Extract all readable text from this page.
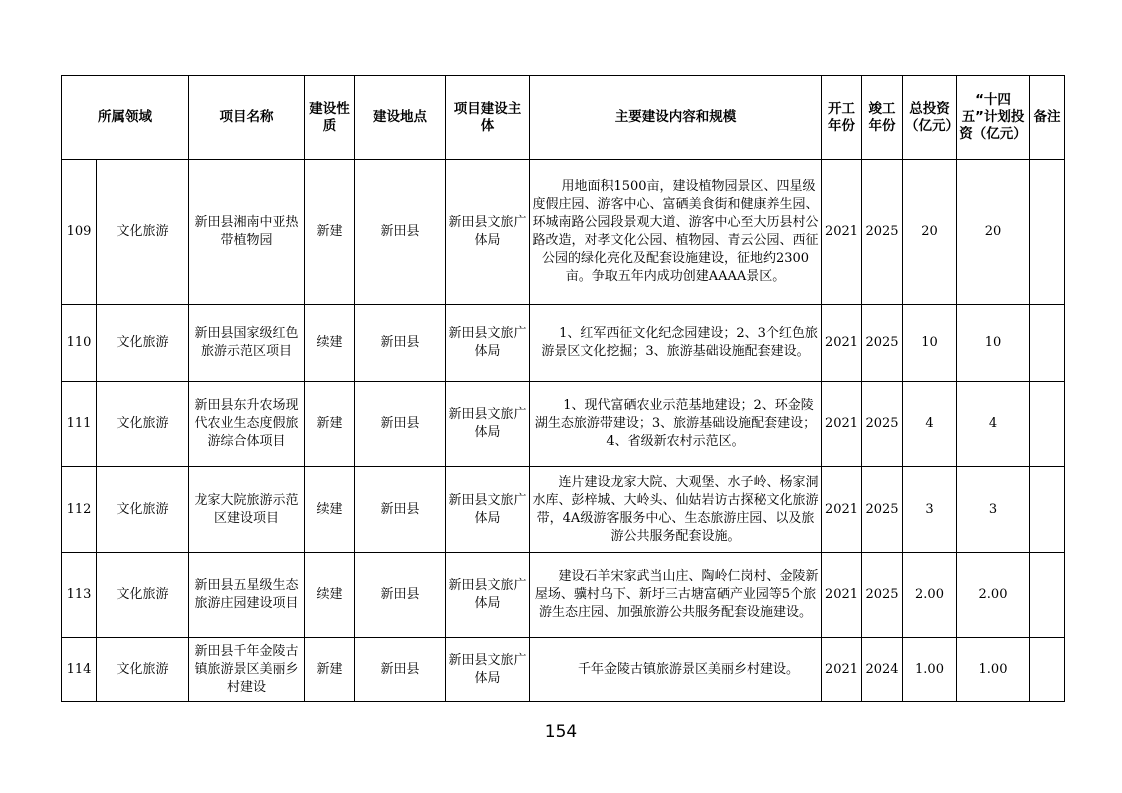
所属领域		项目名称	建设性质	建设地点	项目建设主体	主要建设内容和规模	开工年份	竣工年份	总投资（亿元）	“十四五”计划投资（亿元）	备注
109	文化旅游	新田县湘南中亚热带植物园	新建	新田县	新田县文旅广体局	用地面积1500亩，建设植物园景区、四星级度假庄园、游客中心、富硒美食街和健康养生园、环城南路公园段景观大道、游客中心至大历县村公路改造，对孝文化公园、植物园、青云公园、西征公园的绿化亮化及配套设施建设，征地约2300亩。争取五年内成功创建AAAA景区。	2021	2025	20	20	
110	文化旅游	新田县国家级红色旅游示范区项目	续建	新田县	新田县文旅广体局	1、红军西征文化纪念园建设；2、3个红色旅游景区文化挖掘；3、旅游基础设施配套建设。	2021	2025	10	10	
111	文化旅游	新田县东升农场现代农业生态度假旅游综合体项目	新建	新田县	新田县文旅广体局	1、现代富硒农业示范基地建设；2、环金陵湖生态旅游带建设；3、旅游基础设施配套建设；4、省级新农村示范区。	2021	2025	4	4	
112	文化旅游	龙家大院旅游示范区建设项目	续建	新田县	新田县文旅广体局	连片建设龙家大院、大观堡、水子岭、杨家洞水库、彭梓城、大岭头、仙姑岩访古探秘文化旅游带，4A级游客服务中心、生态旅游庄园、以及旅游公共服务配套设施。	2021	2025	3	3	
113	文化旅游	新田县五星级生态旅游庄园建设项目	续建	新田县	新田县文旅广体局	建设石羊宋家武当山庄、陶岭仁岗村、金陵新屋场、骥村乌下、新圩三古塘富硒产业园等5个旅游生态庄园、加强旅游公共服务配套设施建设。	2021	2025	2.00	2.00	
114	文化旅游	新田县千年金陵古镇旅游景区美丽乡村建设	新建	新田县	新田县文旅广体局	千年金陵古镇旅游景区美丽乡村建设。	2021	2024	1.00	1.00	
154
